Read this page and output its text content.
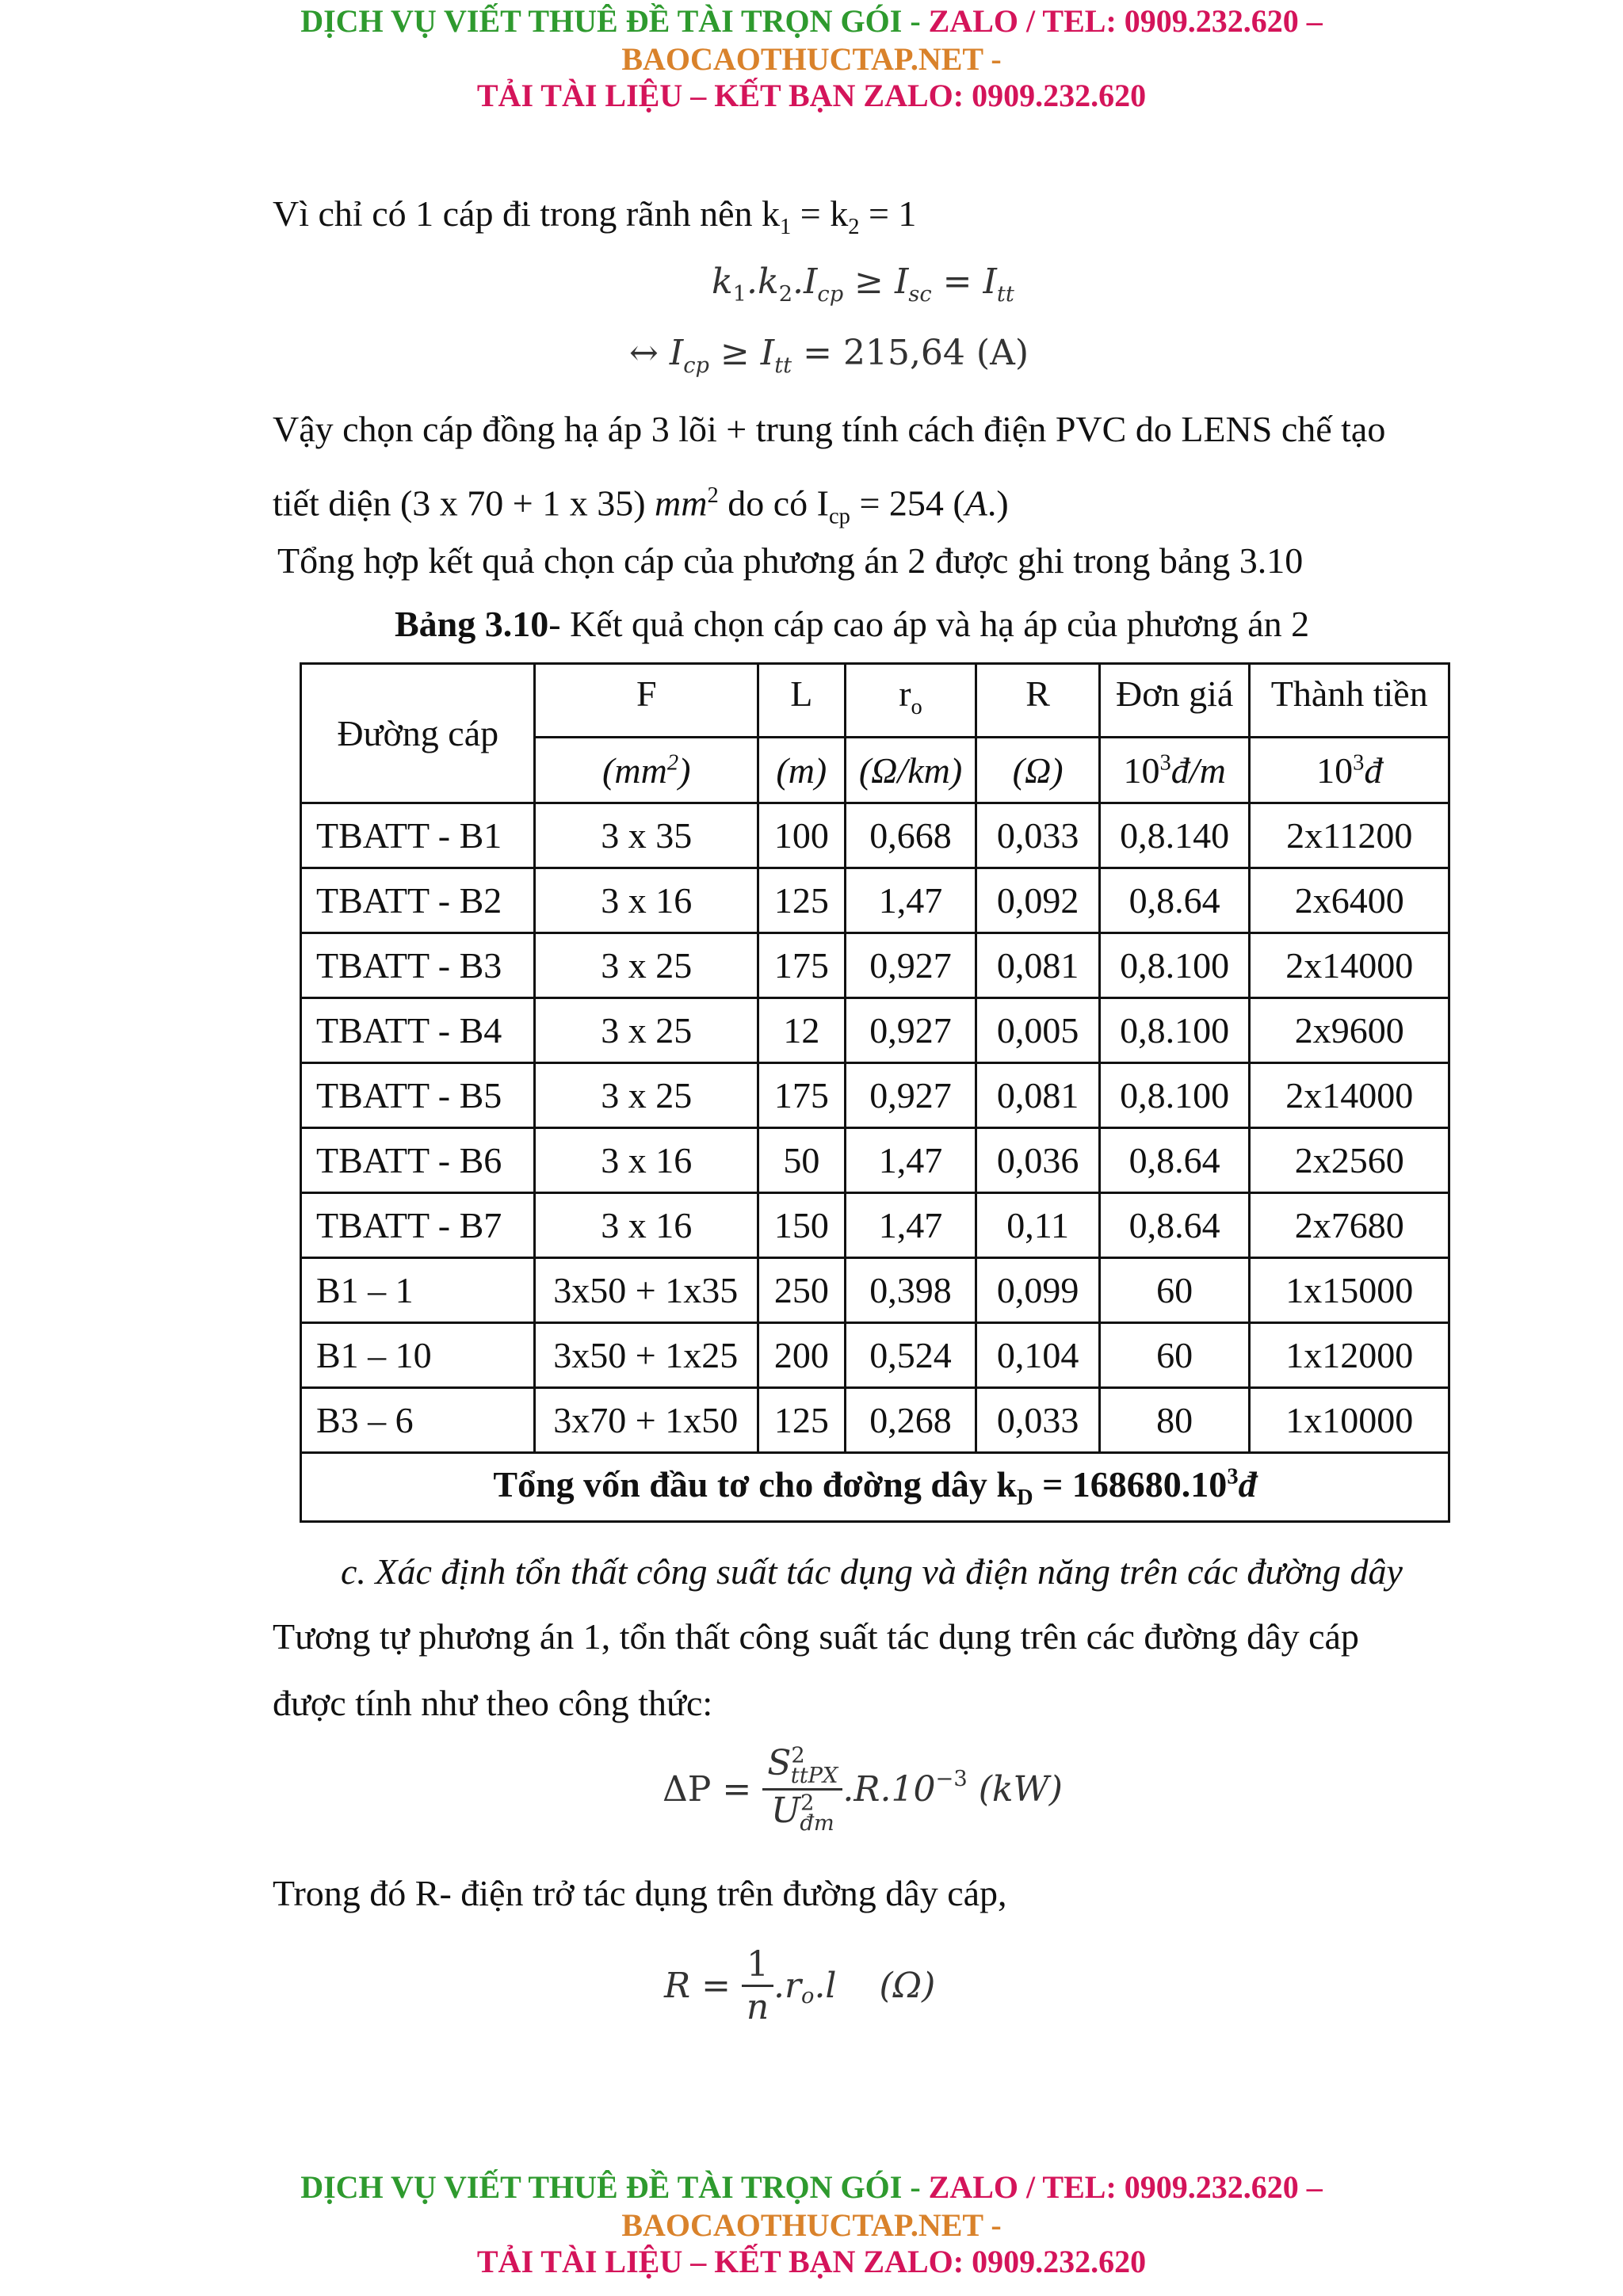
DỊCH VỤ VIẾT THUÊ ĐỀ TÀI TRỌN GÓI - ZALO / TEL: 0909.232.620 –
BAOCAOTHUCTAP.NET -
TẢI TÀI LIỆU – KẾT BẠN ZALO: 0909.232.620
Vì chỉ có 1 cáp đi trong rãnh nên $k_1 = k_2 = 1$
$k_1.k_2.I_{cp} \ge I_{sc} = I_{tt}$
↔ $I_{cp} \ge I_{tt} = 215,64$ (A)
Vậy chọn cáp đồng hạ áp 3 lõi + trung tính cách điện PVC do LENS chế tạo
tiết diện (3 x 70 + 1 x 35) $mm^2$ do có $I_{cp} = 254$ (A.)
Tổng hợp kết quả chọn cáp của phương án 2 được ghi trong bảng 3.10
Bảng 3.10- Kết quả chọn cáp cao áp và hạ áp của phương án 2
Đường cáp	F	L	$r_o$	R	Đơn giá	Thành tiền
	$(mm^2)$	(m)	(Ω/km)	(Ω)	$10^3đ/m$	$10^3đ$
TBATT - B1	3 x 35	100	0,668	0,033	0,8.140	2x11200
TBATT - B2	3 x 16	125	1,47	0,092	0,8.64	2x6400
TBATT - B3	3 x 25	175	0,927	0,081	0,8.100	2x14000
TBATT - B4	3 x 25	12	0,927	0,005	0,8.100	2x9600
TBATT - B5	3 x 25	175	0,927	0,081	0,8.100	2x14000
TBATT - B6	3 x 16	50	1,47	0,036	0,8.64	2x2560
TBATT - B7	3 x 16	150	1,47	0,11	0,8.64	2x7680
B1 – 1	3x50 + 1x35	250	0,398	0,099	60	1x15000
B1 – 10	3x50 + 1x25	200	0,524	0,104	60	1x12000
B3 – 6	3x70 + 1x50	125	0,268	0,033	80	1x10000
Tổng vốn đầu tơ cho đơờng dây $k_D$ = $168680.10^3đ$						
c. Xác định tổn thất công suất tác dụng và điện năng trên các đường dây
Tương tự phương án 1, tổn thất công suất tác dụng trên các đường dây cáp
được tính như theo công thức:
$\Delta P = \frac{S^2_{ttPX}}{U^2_{đm}} .R.10^{-3}$ (kW)
Trong đó R- điện trở tác dụng trên đường dây cáp,
$R = \frac{1}{n} .r_o.l$ (Ω)
DỊCH VỤ VIẾT THUÊ ĐỀ TÀI TRỌN GÓI - ZALO / TEL: 0909.232.620 –
BAOCAOTHUCTAP.NET -
TẢI TÀI LIỆU – KẾT BẠN ZALO: 0909.232.620
